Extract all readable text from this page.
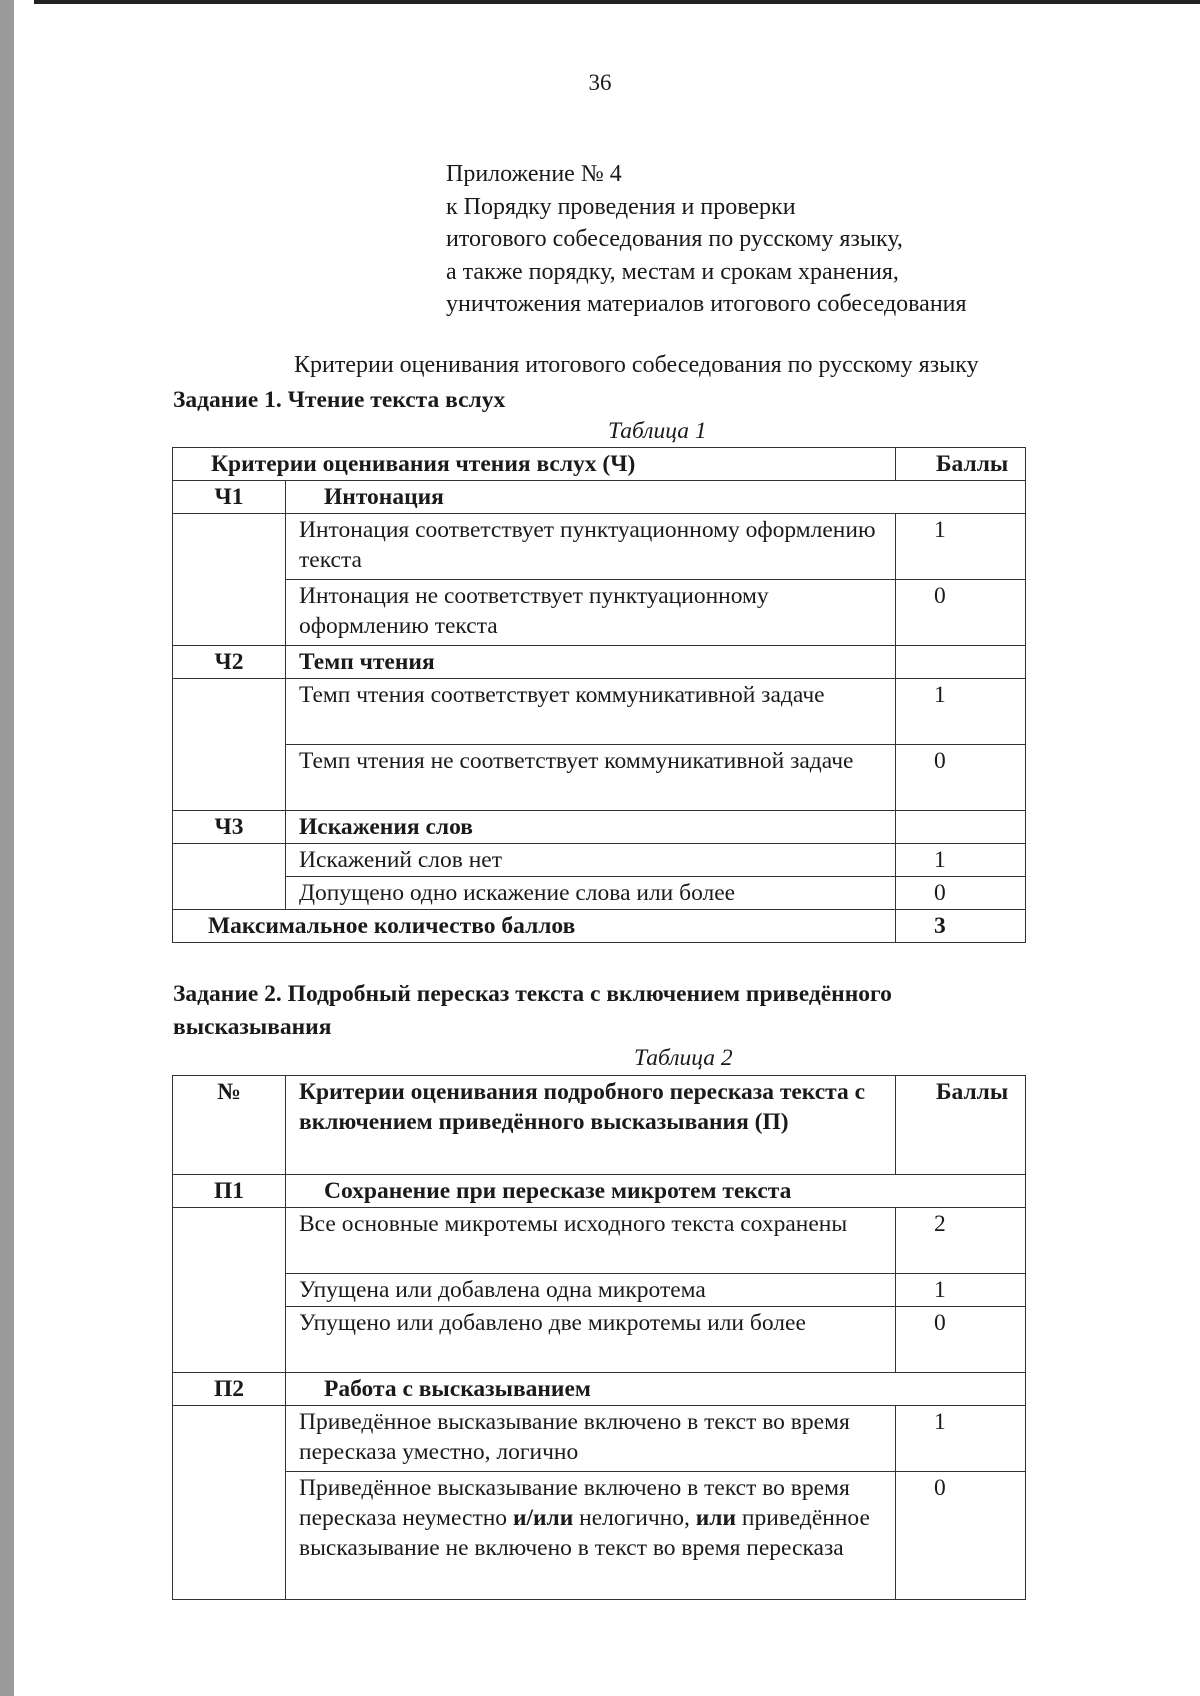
36
Приложение № 4
к Порядку проведения и проверки
итогового собеседования по русскому языку,
а также порядку, местам и срокам хранения,
уничтожения материалов итогового собеседования
Критерии оценивания итогового собеседования по русскому языку
Задание 1. Чтение текста вслух
Таблица 1
Критерии оценивания чтения вслух (Ч)		Баллы
Ч1	Интонация	
	Интонация соответствует пунктуационному оформлению текста	1
	Интонация не соответствует пунктуационному оформлению текста	0
Ч2	Темп чтения	
	Темп чтения соответствует коммуникативной задаче	1
	Темп чтения не соответствует коммуникативной задаче	0
Ч3	Искажения слов	
	Искажений слов нет	1
	Допущено одно искажение слова или более	0
Максимальное количество баллов		3
Задание 2. Подробный пересказ текста с включением приведённого высказывания
Таблица 2
№	Критерии оценивания подробного пересказа текста с включением приведённого высказывания (П)	Баллы
П1	Сохранение при пересказе микротем текста	
	Все основные микротемы исходного текста сохранены	2
	Упущена или добавлена одна микротема	1
	Упущено или добавлено две микротемы или более	0
П2	Работа с высказыванием	
	Приведённое высказывание включено в текст во время пересказа уместно, логично	1
	Приведённое высказывание включено в текст во время пересказа неуместно и/или нелогично, или приведённое высказывание не включено в текст во время пересказа	0
